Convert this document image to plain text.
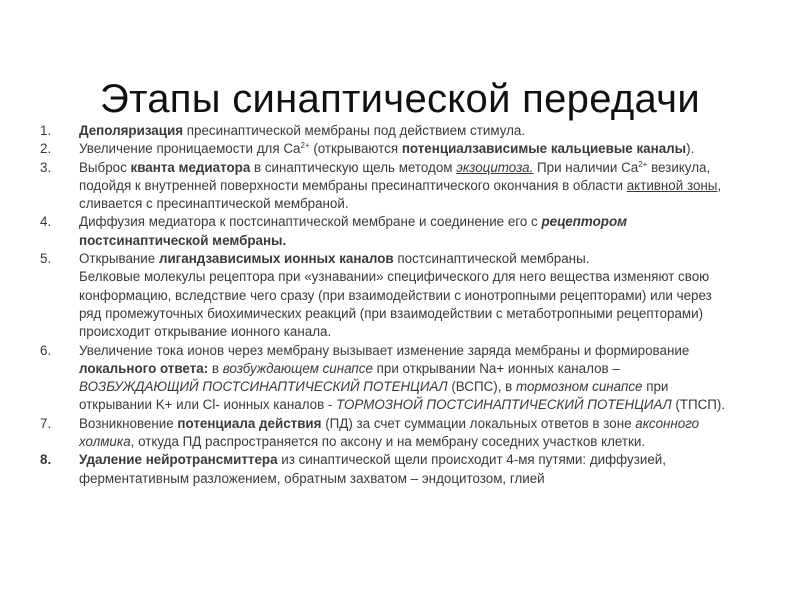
Этапы синаптической передачи
1. Деполяризация пресинаптической мембраны под действием стимула.
2. Увеличение проницаемости для $Ca^{2+}$ (открываются потенциалзависимые кальциевые каналы).
3. Выброс кванта медиатора в синаптическую щель методом экзоцитоза. При наличии $Ca^{2+}$ везикула, подойдя к внутренней поверхности мембраны пресинаптического окончания в области активной зоны, сливается с пресинаптической мембраной.
4. Диффузия медиатора к постсинаптической мембране и соединение его с рецептором постсинаптической мембраны.
5. Открывание лигандзависимых ионных каналов постсинаптической мембраны.
Белковые молекулы рецептора при «узнавании» специфического для него вещества изменяют свою конформацию, вследствие чего сразу (при взаимодействии с ионотропными рецепторами) или через ряд промежуточных биохимических реакций (при взаимодействии с метаботропными рецепторами) происходит открывание ионного канала.
6. Увеличение тока ионов через мембрану вызывает изменение заряда мембраны и формирование локального ответа: в возбуждающем синапсе при открывании Na+ ионных каналов – ВОЗБУЖДАЮЩИЙ ПОСТСИНАПТИЧЕСКИЙ ПОТЕНЦИАЛ (ВСПС), в тормозном синапсе при открывании K+ или Cl- ионных каналов - ТОРМОЗНОЙ ПОСТСИНАПТИЧЕСКИЙ ПОТЕНЦИАЛ (ТПСП).
7. Возникновение потенциала действия (ПД) за счет суммации локальных ответов в зоне аксонного холмика, откуда ПД распространяется по аксону и на мембрану соседних участков клетки.
8. Удаление нейротрансмиттера из синаптической щели происходит 4-мя путями: диффузией, ферментативным разложением, обратным захватом – эндоцитозом, глией
